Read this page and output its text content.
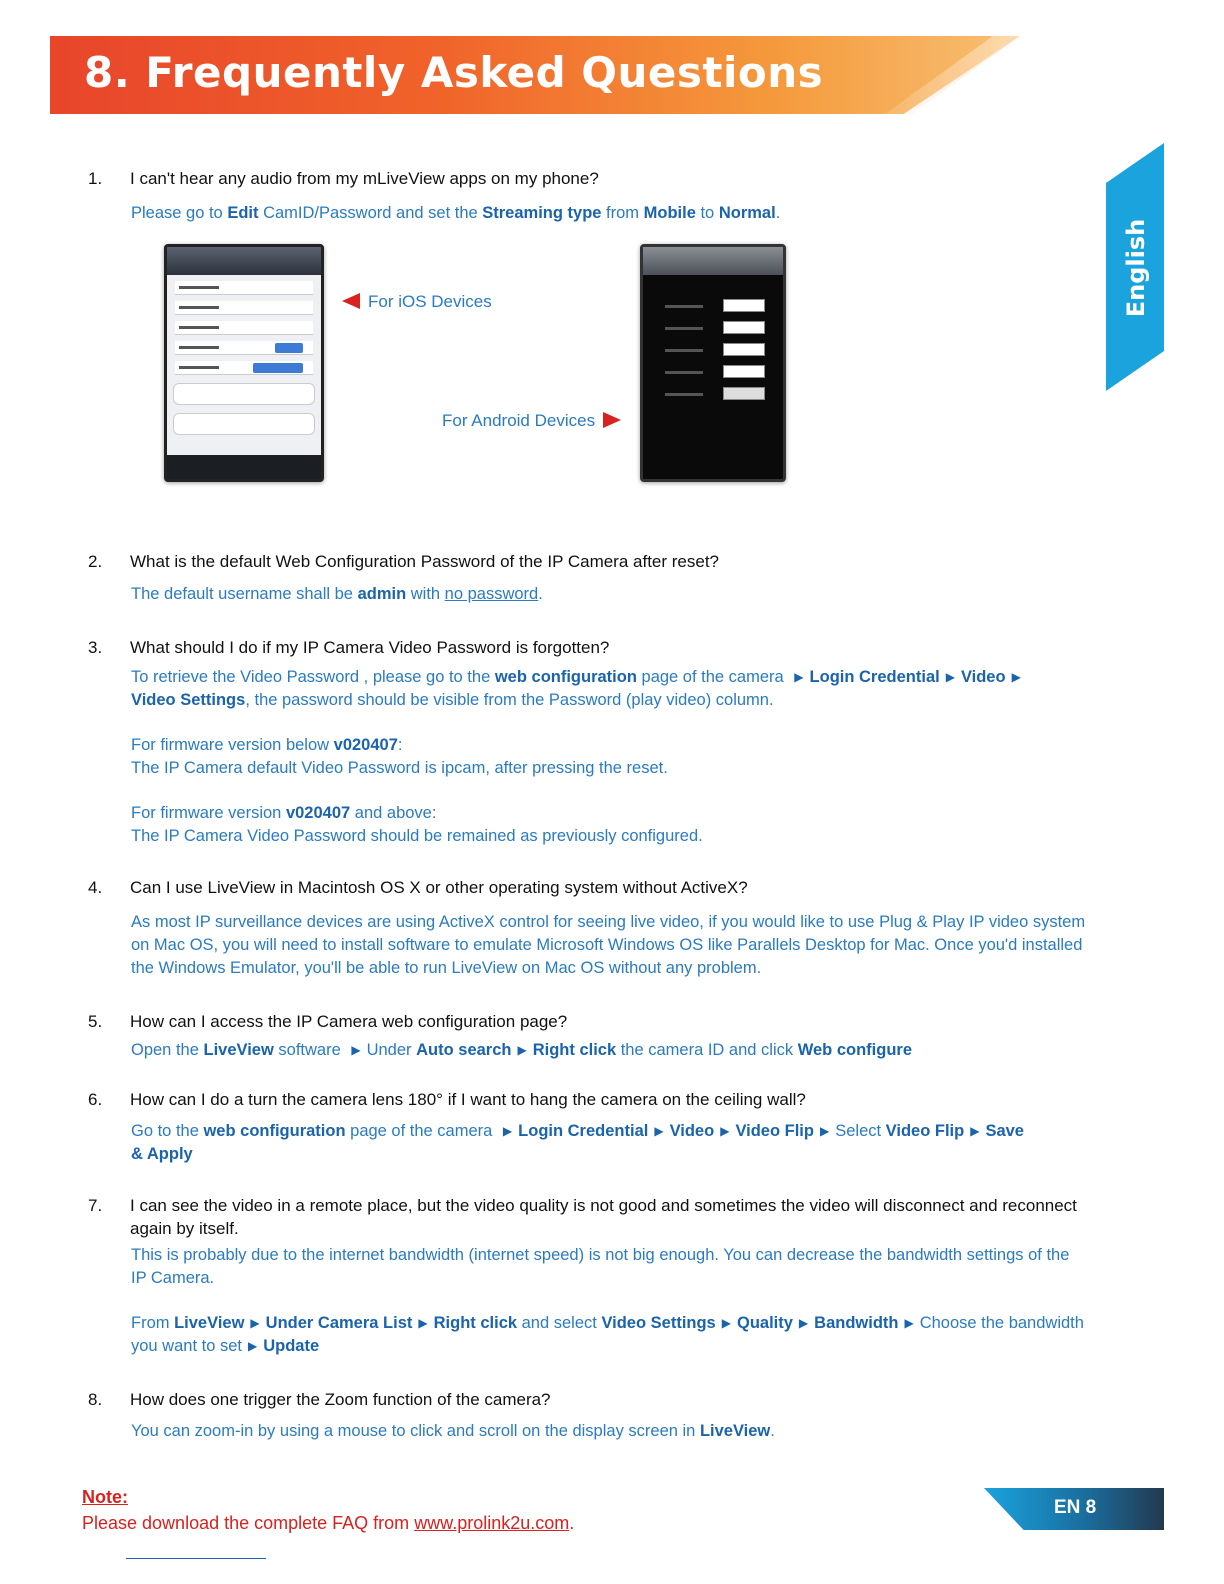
8. Frequently Asked Questions
English
1.	I can't hear any audio from my mLiveView apps on my phone?
Please go to Edit CamID/Password and set the Streaming type from Mobile to Normal.
For iOS Devices
For Android Devices
2.	What is the default Web Configuration Password of the IP Camera after reset?
The default username shall be admin with no password.
3.	What should I do if my IP Camera Video Password is forgotten?
To retrieve the Video Password , please go to the web configuration page of the camera ▶ Login Credential ▶ Video ▶
Video Settings, the password should be visible from the Password (play video) column.
For firmware version below v020407:
The IP Camera default Video Password is ipcam, after pressing the reset.
For firmware version v020407 and above:
The IP Camera Video Password should be remained as previously configured.
4.	Can I use LiveView in Macintosh OS X or other operating system without ActiveX?
As most IP surveillance devices are using ActiveX control for seeing live video, if you would like to use Plug & Play IP video system on Mac OS, you will need to install software to emulate Microsoft Windows OS like Parallels Desktop for Mac. Once you'd installed the Windows Emulator, you'll be able to run LiveView on Mac OS without any problem.
5.	How can I access the IP Camera web configuration page?
Open the LiveView software ▶ Under Auto search ▶ Right click the camera ID and click Web configure
6.	How can I do a turn the camera lens 180° if I want to hang the camera on the ceiling wall?
Go to the web configuration page of the camera ▶ Login Credential ▶ Video ▶ Video Flip ▶ Select Video Flip ▶ Save
& Apply
7.	I can see the video in a remote place, but the video quality is not good and sometimes the video will disconnect and reconnect again by itself.
This is probably due to the internet bandwidth (internet speed) is not big enough. You can decrease the bandwidth settings of the IP Camera.
From LiveView ▶ Under Camera List ▶ Right click and select Video Settings ▶ Quality ▶ Bandwidth ▶ Choose the bandwidth you want to set ▶ Update
8.	How does one trigger the Zoom function of the camera?
You can zoom-in by using a mouse to click and scroll on the display screen in LiveView.
Note:
Please download the complete FAQ from www.prolink2u.com.
EN 8
